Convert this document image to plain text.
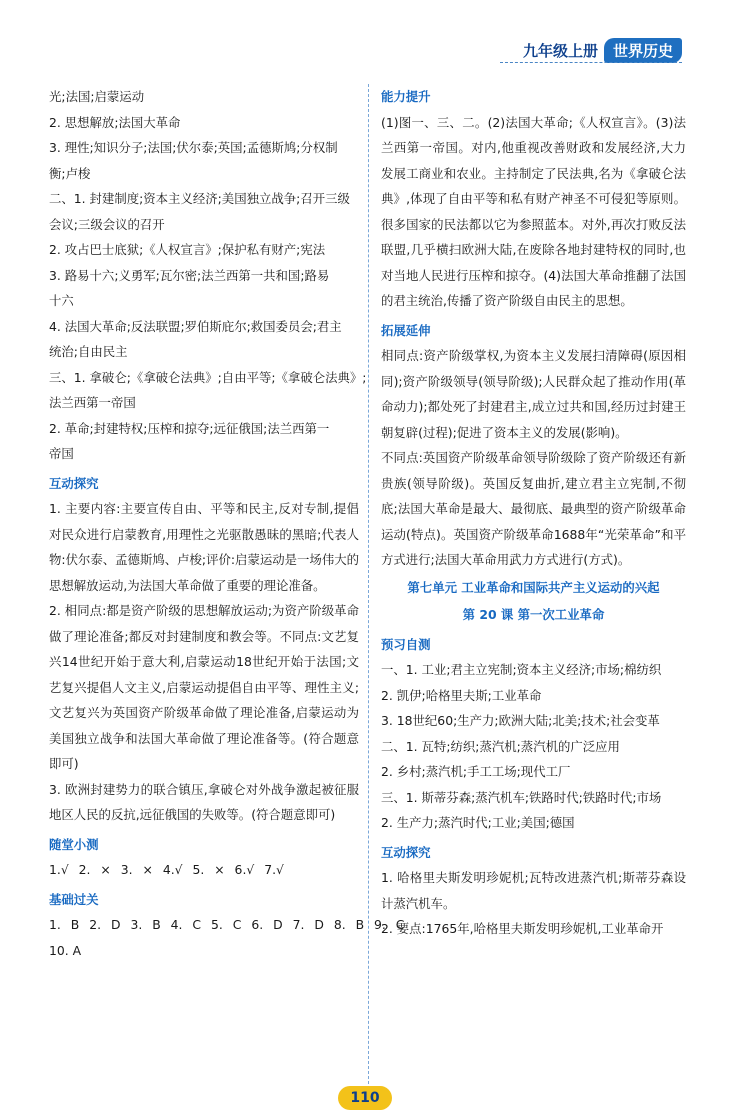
九年级上册	世界历史
光;法国;启蒙运动
2. 思想解放;法国大革命
3. 理性;知识分子;法国;伏尔泰;英国;孟德斯鸠;分权制
衡;卢梭
二、1. 封建制度;资本主义经济;美国独立战争;召开三级
会议;三级会议的召开
2. 攻占巴士底狱;《人权宣言》;保护私有财产;宪法
3. 路易十六;义勇军;瓦尔密;法兰西第一共和国;路易
十六
4. 法国大革命;反法联盟;罗伯斯庇尔;救国委员会;君主
统治;自由民主
三、1. 拿破仑;《拿破仑法典》;自由平等;《拿破仑法典》;
法兰西第一帝国
2. 革命;封建特权;压榨和掠夺;远征俄国;法兰西第一
帝国
互动探究
1. 主要内容:主要宣传自由、平等和民主,反对专制,提倡对民众进行启蒙教育,用理性之光驱散愚昧的黑暗;代表人物:伏尔泰、孟德斯鸠、卢梭;评价:启蒙运动是一场伟大的思想解放运动,为法国大革命做了重要的理论准备。
2. 相同点:都是资产阶级的思想解放运动;为资产阶级革命做了理论准备;都反对封建制度和教会等。不同点:文艺复兴14世纪开始于意大利,启蒙运动18世纪开始于法国;文艺复兴提倡人文主义,启蒙运动提倡自由平等、理性主义;文艺复兴为英国资产阶级革命做了理论准备,启蒙运动为美国独立战争和法国大革命做了理论准备等。(符合题意即可)
3. 欧洲封建势力的联合镇压,拿破仑对外战争激起被征服地区人民的反抗,远征俄国的失败等。(符合题意即可)
随堂小测
1.√ 2. × 3. × 4.√ 5. × 6.√ 7.√
基础过关
1. B 2. D 3. B 4. C 5. C 6. D 7. D 8. B 9. C
10. A
能力提升
(1)图一、三、二。(2)法国大革命;《人权宣言》。(3)法兰西第一帝国。对内,他重视改善财政和发展经济,大力发展工商业和农业。主持制定了民法典,名为《拿破仑法典》,体现了自由平等和私有财产神圣不可侵犯等原则。很多国家的民法都以它为参照蓝本。对外,再次打败反法联盟,几乎横扫欧洲大陆,在废除各地封建特权的同时,也对当地人民进行压榨和掠夺。(4)法国大革命推翻了法国的君主统治,传播了资产阶级自由民主的思想。
拓展延伸
相同点:资产阶级掌权,为资本主义发展扫清障碍(原因相同);资产阶级领导(领导阶级);人民群众起了推动作用(革命动力);都处死了封建君主,成立过共和国,经历过封建王朝复辟(过程);促进了资本主义的发展(影响)。
不同点:英国资产阶级革命领导阶级除了资产阶级还有新贵族(领导阶级)。英国反复曲折,建立君主立宪制,不彻底;法国大革命是最大、最彻底、最典型的资产阶级革命运动(特点)。英国资产阶级革命1688年“光荣革命”和平方式进行;法国大革命用武力方式进行(方式)。
第七单元 工业革命和国际共产主义运动的兴起
第 20 课 第一次工业革命
预习自测
一、1. 工业;君主立宪制;资本主义经济;市场;棉纺织
2. 凯伊;哈格里夫斯;工业革命
3. 18世纪60;生产力;欧洲大陆;北美;技术;社会变革
二、1. 瓦特;纺织;蒸汽机;蒸汽机的广泛应用
2. 乡村;蒸汽机;手工工场;现代工厂
三、1. 斯蒂芬森;蒸汽机车;铁路时代;铁路时代;市场
2. 生产力;蒸汽时代;工业;美国;德国
互动探究
1. 哈格里夫斯发明珍妮机;瓦特改进蒸汽机;斯蒂芬森设计蒸汽机车。
2. 要点:1765年,哈格里夫斯发明珍妮机,工业革命开
110
